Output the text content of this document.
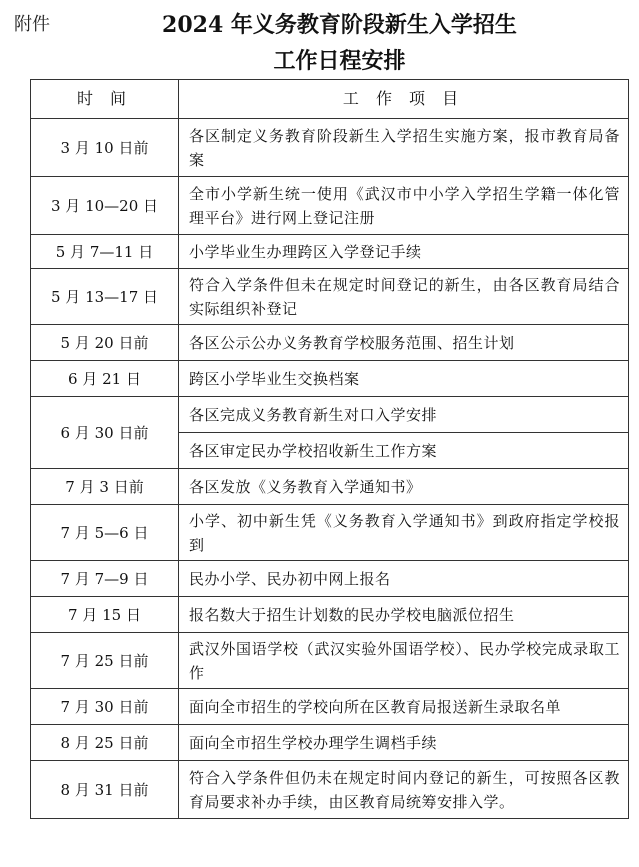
附件	2024 年义务教育阶段新生入学招生
工作日程安排
时 间	工 作 项 目
3 月 10 日前	各区制定义务教育阶段新生入学招生实施方案，报市教育局备案
3 月 10—20 日	全市小学新生统一使用《武汉市中小学入学招生学籍一体化管理平台》进行网上登记注册
5 月 7—11 日	小学毕业生办理跨区入学登记手续
5 月 13—17 日	符合入学条件但未在规定时间登记的新生，由各区教育局结合实际组织补登记
5 月 20 日前	各区公示公办义务教育学校服务范围、招生计划
6 月 21 日	跨区小学毕业生交换档案
6 月 30 日前	各区完成义务教育新生对口入学安排
	各区审定民办学校招收新生工作方案
7 月 3 日前	各区发放《义务教育入学通知书》
7 月 5—6 日	小学、初中新生凭《义务教育入学通知书》到政府指定学校报到
7 月 7—9 日	民办小学、民办初中网上报名
7 月 15 日	报名数大于招生计划数的民办学校电脑派位招生
7 月 25 日前	武汉外国语学校（武汉实验外国语学校）、民办学校完成录取工作
7 月 30 日前	面向全市招生的学校向所在区教育局报送新生录取名单
8 月 25 日前	面向全市招生学校办理学生调档手续
8 月 31 日前	符合入学条件但仍未在规定时间内登记的新生，可按照各区教育局要求补办手续，由区教育局统筹安排入学。
